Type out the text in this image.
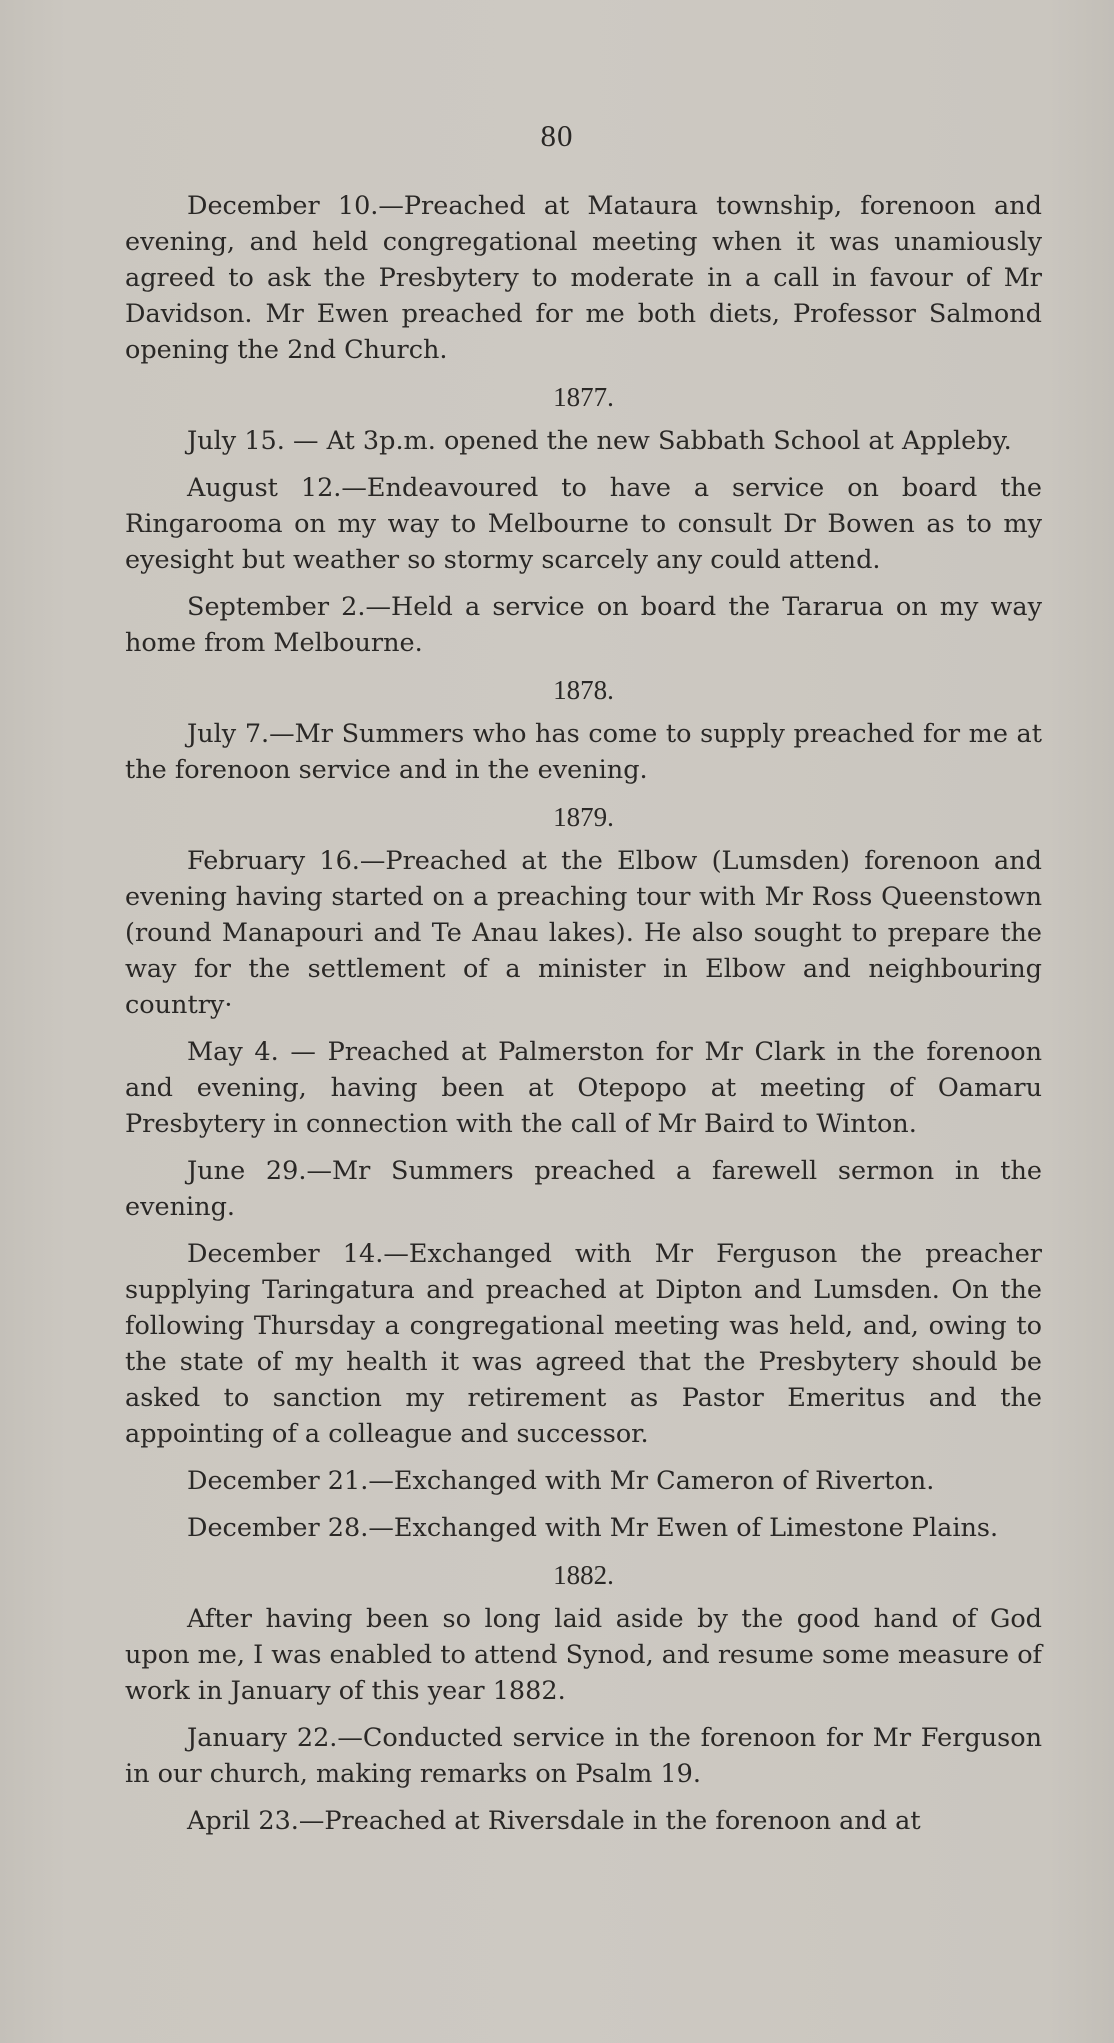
80

December 10.—Preached at Mataura township, forenoon and evening, and held congregational meeting when it was unamiously agreed to ask the Presbytery to moderate in a call in favour of Mr Davidson. Mr Ewen preached for me both diets, Professor Salmond opening the 2nd Church.

1877.

July 15. — At 3p.m. opened the new Sabbath School at Appleby.

August 12.—Endeavoured to have a service on board the Ringarooma on my way to Melbourne to consult Dr Bowen as to my eyesight but weather so stormy scarcely any could attend.

September 2.—Held a service on board the Tararua on my way home from Melbourne.

1878.

July 7.—Mr Summers who has come to supply preached for me at the forenoon service and in the evening.

1879.

February 16.—Preached at the Elbow (Lumsden) forenoon and evening having started on a preaching tour with Mr Ross Queenstown (round Manapouri and Te Anau lakes). He also sought to prepare the way for the settlement of a minister in Elbow and neighbouring country·

May 4. — Preached at Palmerston for Mr Clark in the forenoon and evening, having been at Otepopo at meeting of Oamaru Presbytery in connection with the call of Mr Baird to Winton.

June 29.—Mr Summers preached a farewell sermon in the evening.

December 14.—Exchanged with Mr Ferguson the preacher supplying Taringatura and preached at Dipton and Lumsden. On the following Thursday a congregational meeting was held, and, owing to the state of my health it was agreed that the Presbytery should be asked to sanction my retirement as Pastor Emeritus and the appointing of a colleague and successor.

December 21.—Exchanged with Mr Cameron of Riverton.

December 28.—Exchanged with Mr Ewen of Limestone Plains.

1882.

After having been so long laid aside by the good hand of God upon me, I was enabled to attend Synod, and resume some measure of work in January of this year 1882.

January 22.—Conducted service in the forenoon for Mr Ferguson in our church, making remarks on Psalm 19.

April 23.—Preached at Riversdale in the forenoon and at
